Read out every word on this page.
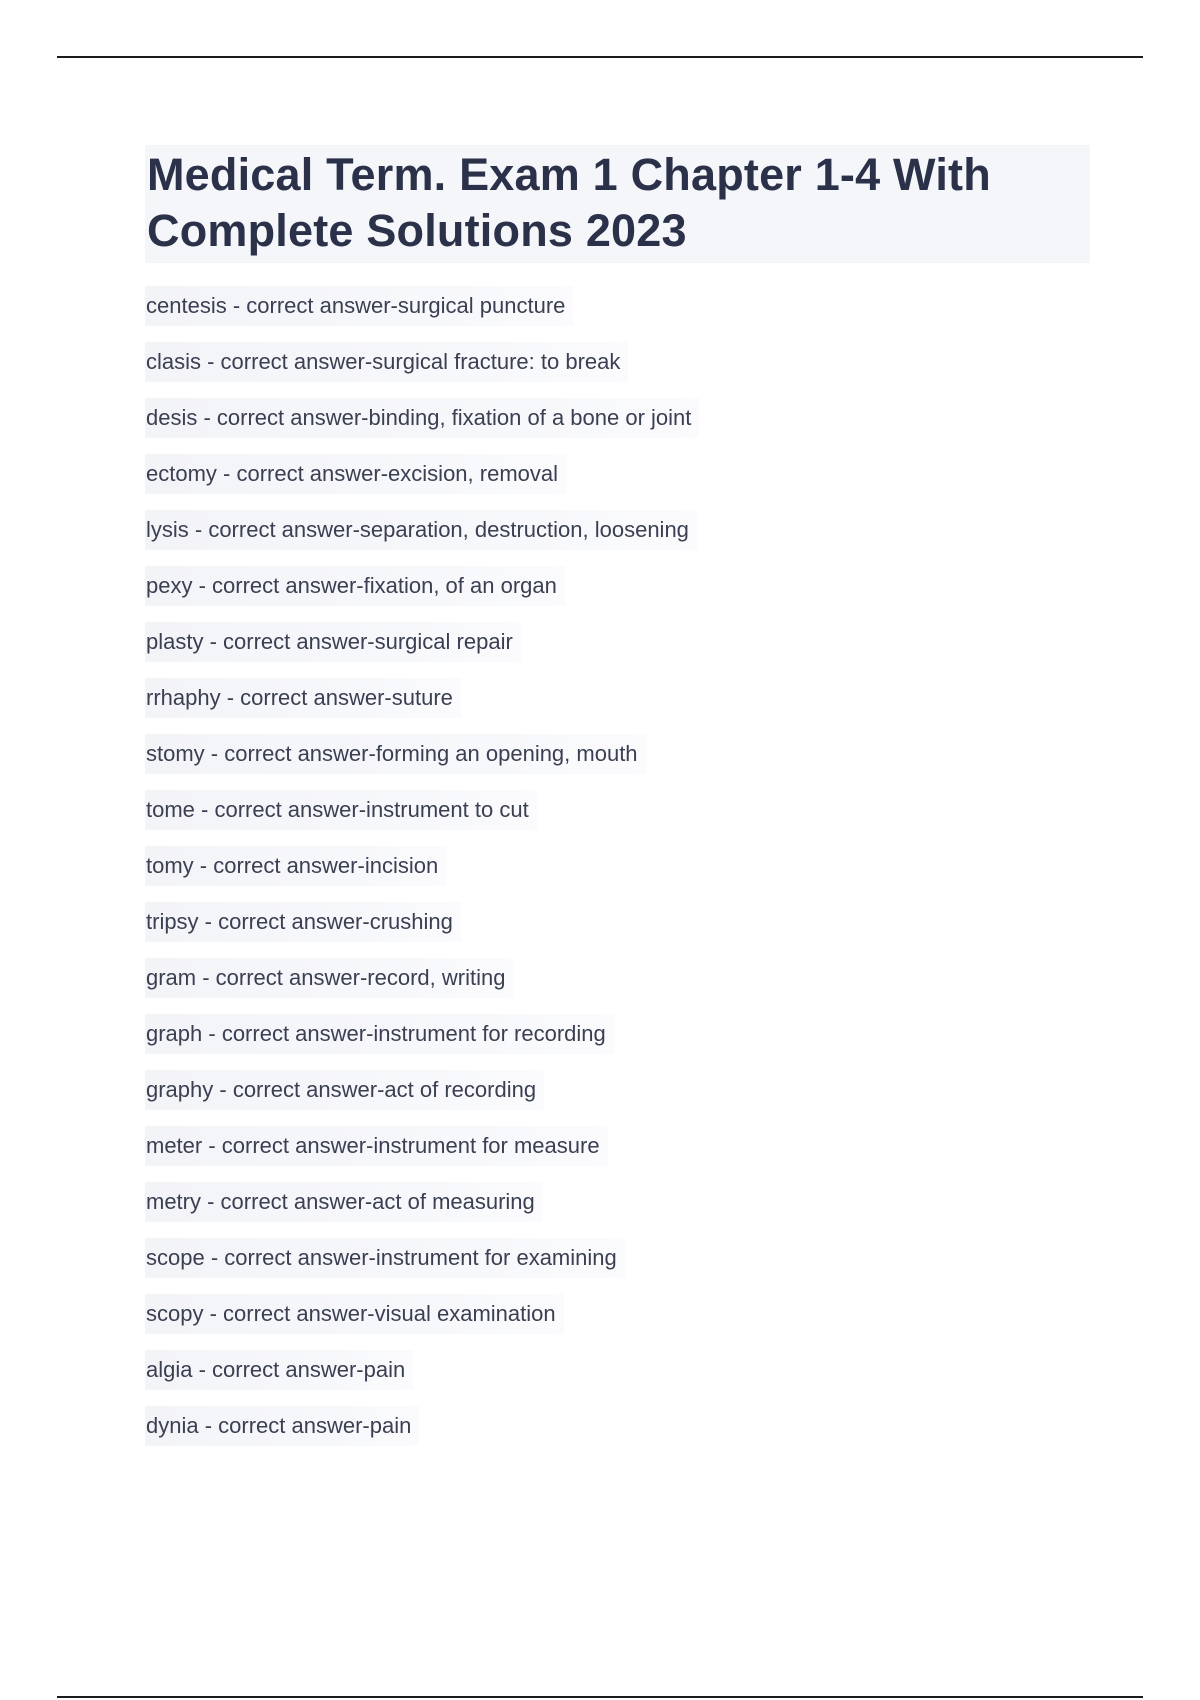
Medical Term. Exam 1 Chapter 1-4 With Complete Solutions 2023
centesis - correct answer-surgical puncture
clasis - correct answer-surgical fracture: to break
desis - correct answer-binding, fixation of a bone or joint
ectomy - correct answer-excision, removal
lysis - correct answer-separation, destruction, loosening
pexy - correct answer-fixation, of an organ
plasty - correct answer-surgical repair
rrhaphy - correct answer-suture
stomy - correct answer-forming an opening, mouth
tome - correct answer-instrument to cut
tomy - correct answer-incision
tripsy - correct answer-crushing
gram - correct answer-record, writing
graph - correct answer-instrument for recording
graphy - correct answer-act of recording
meter - correct answer-instrument for measure
metry - correct answer-act of measuring
scope - correct answer-instrument for examining
scopy - correct answer-visual examination
algia - correct answer-pain
dynia - correct answer-pain
